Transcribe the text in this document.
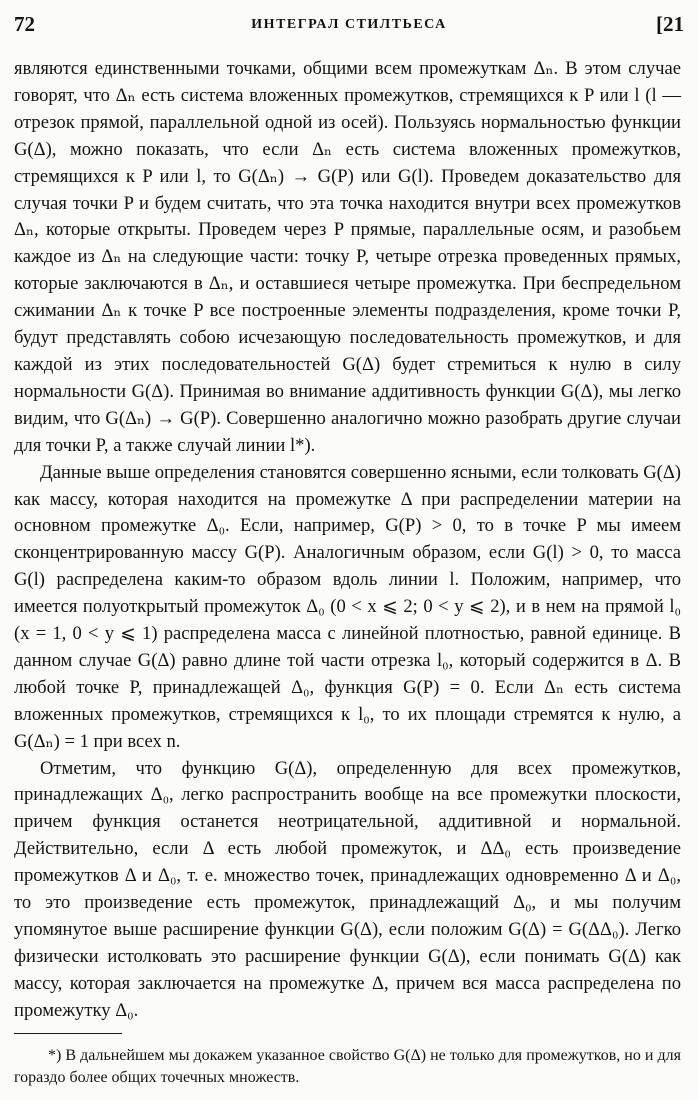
72	ИНТЕГРАЛ СТИЛТЬЕСА	[21

являются единственными точками, общими всем промежуткам Δₙ. В этом случае говорят, что Δₙ есть система вложенных промежутков, стремящихся к P или l (l — отрезок прямой, параллельной одной из осей). Пользуясь нормальностью функции G(Δ), можно показать, что если Δₙ есть система вложенных промежутков, стремящихся к P или l, то G(Δₙ) → G(P) или G(l). Проведем доказательство для случая точки P и будем считать, что эта точка находится внутри всех промежутков Δₙ, которые открыты. Проведем через P прямые, параллельные осям, и разобьем каждое из Δₙ на следующие части: точку P, четыре отрезка проведенных прямых, которые заключаются в Δₙ, и оставшиеся четыре промежутка. При беспредельном сжимании Δₙ к точке P все построенные элементы подразделения, кроме точки P, будут представлять собою исчезающую последовательность промежутков, и для каждой из этих последовательностей G(Δ) будет стремиться к нулю в силу нормальности G(Δ). Принимая во внимание аддитивность функции G(Δ), мы легко видим, что G(Δₙ) → G(P). Совершенно аналогично можно разобрать другие случаи для точки P, а также случай линии l*).

Данные выше определения становятся совершенно ясными, если толковать G(Δ) как массу, которая находится на промежутке Δ при распределении материи на основном промежутке Δ₀. Если, например, G(P) > 0, то в точке P мы имеем сконцентрированную массу G(P). Аналогичным образом, если G(l) > 0, то масса G(l) распределена каким-то образом вдоль линии l. Положим, например, что имеется полуоткрытый промежуток Δ₀ (0 < x ⩽ 2; 0 < y ⩽ 2), и в нем на прямой l₀ (x = 1, 0 < y ⩽ 1) распределена масса с линейной плотностью, равной единице. В данном случае G(Δ) равно длине той части отрезка l₀, который содержится в Δ. В любой точке P, принадлежащей Δ₀, функция G(P) = 0. Если Δₙ есть система вложенных промежутков, стремящихся к l₀, то их площади стремятся к нулю, а G(Δₙ) = 1 при всех n.

Отметим, что функцию G(Δ), определенную для всех промежутков, принадлежащих Δ₀, легко распространить вообще на все промежутки плоскости, причем функция останется неотрицательной, аддитивной и нормальной. Действительно, если Δ есть любой промежуток, и ΔΔ₀ есть произведение промежутков Δ и Δ₀, т. е. множество точек, принадлежащих одновременно Δ и Δ₀, то это произведение есть промежуток, принадлежащий Δ₀, и мы получим упомянутое выше расширение функции G(Δ), если положим G(Δ) = G(ΔΔ₀). Легко физически истолковать это расширение функции G(Δ), если понимать G(Δ) как массу, которая заключается на промежутке Δ, причем вся масса распределена по промежутку Δ₀.

*) В дальнейшем мы докажем указанное свойство G(Δ) не только для промежутков, но и для гораздо более общих точечных множеств.
